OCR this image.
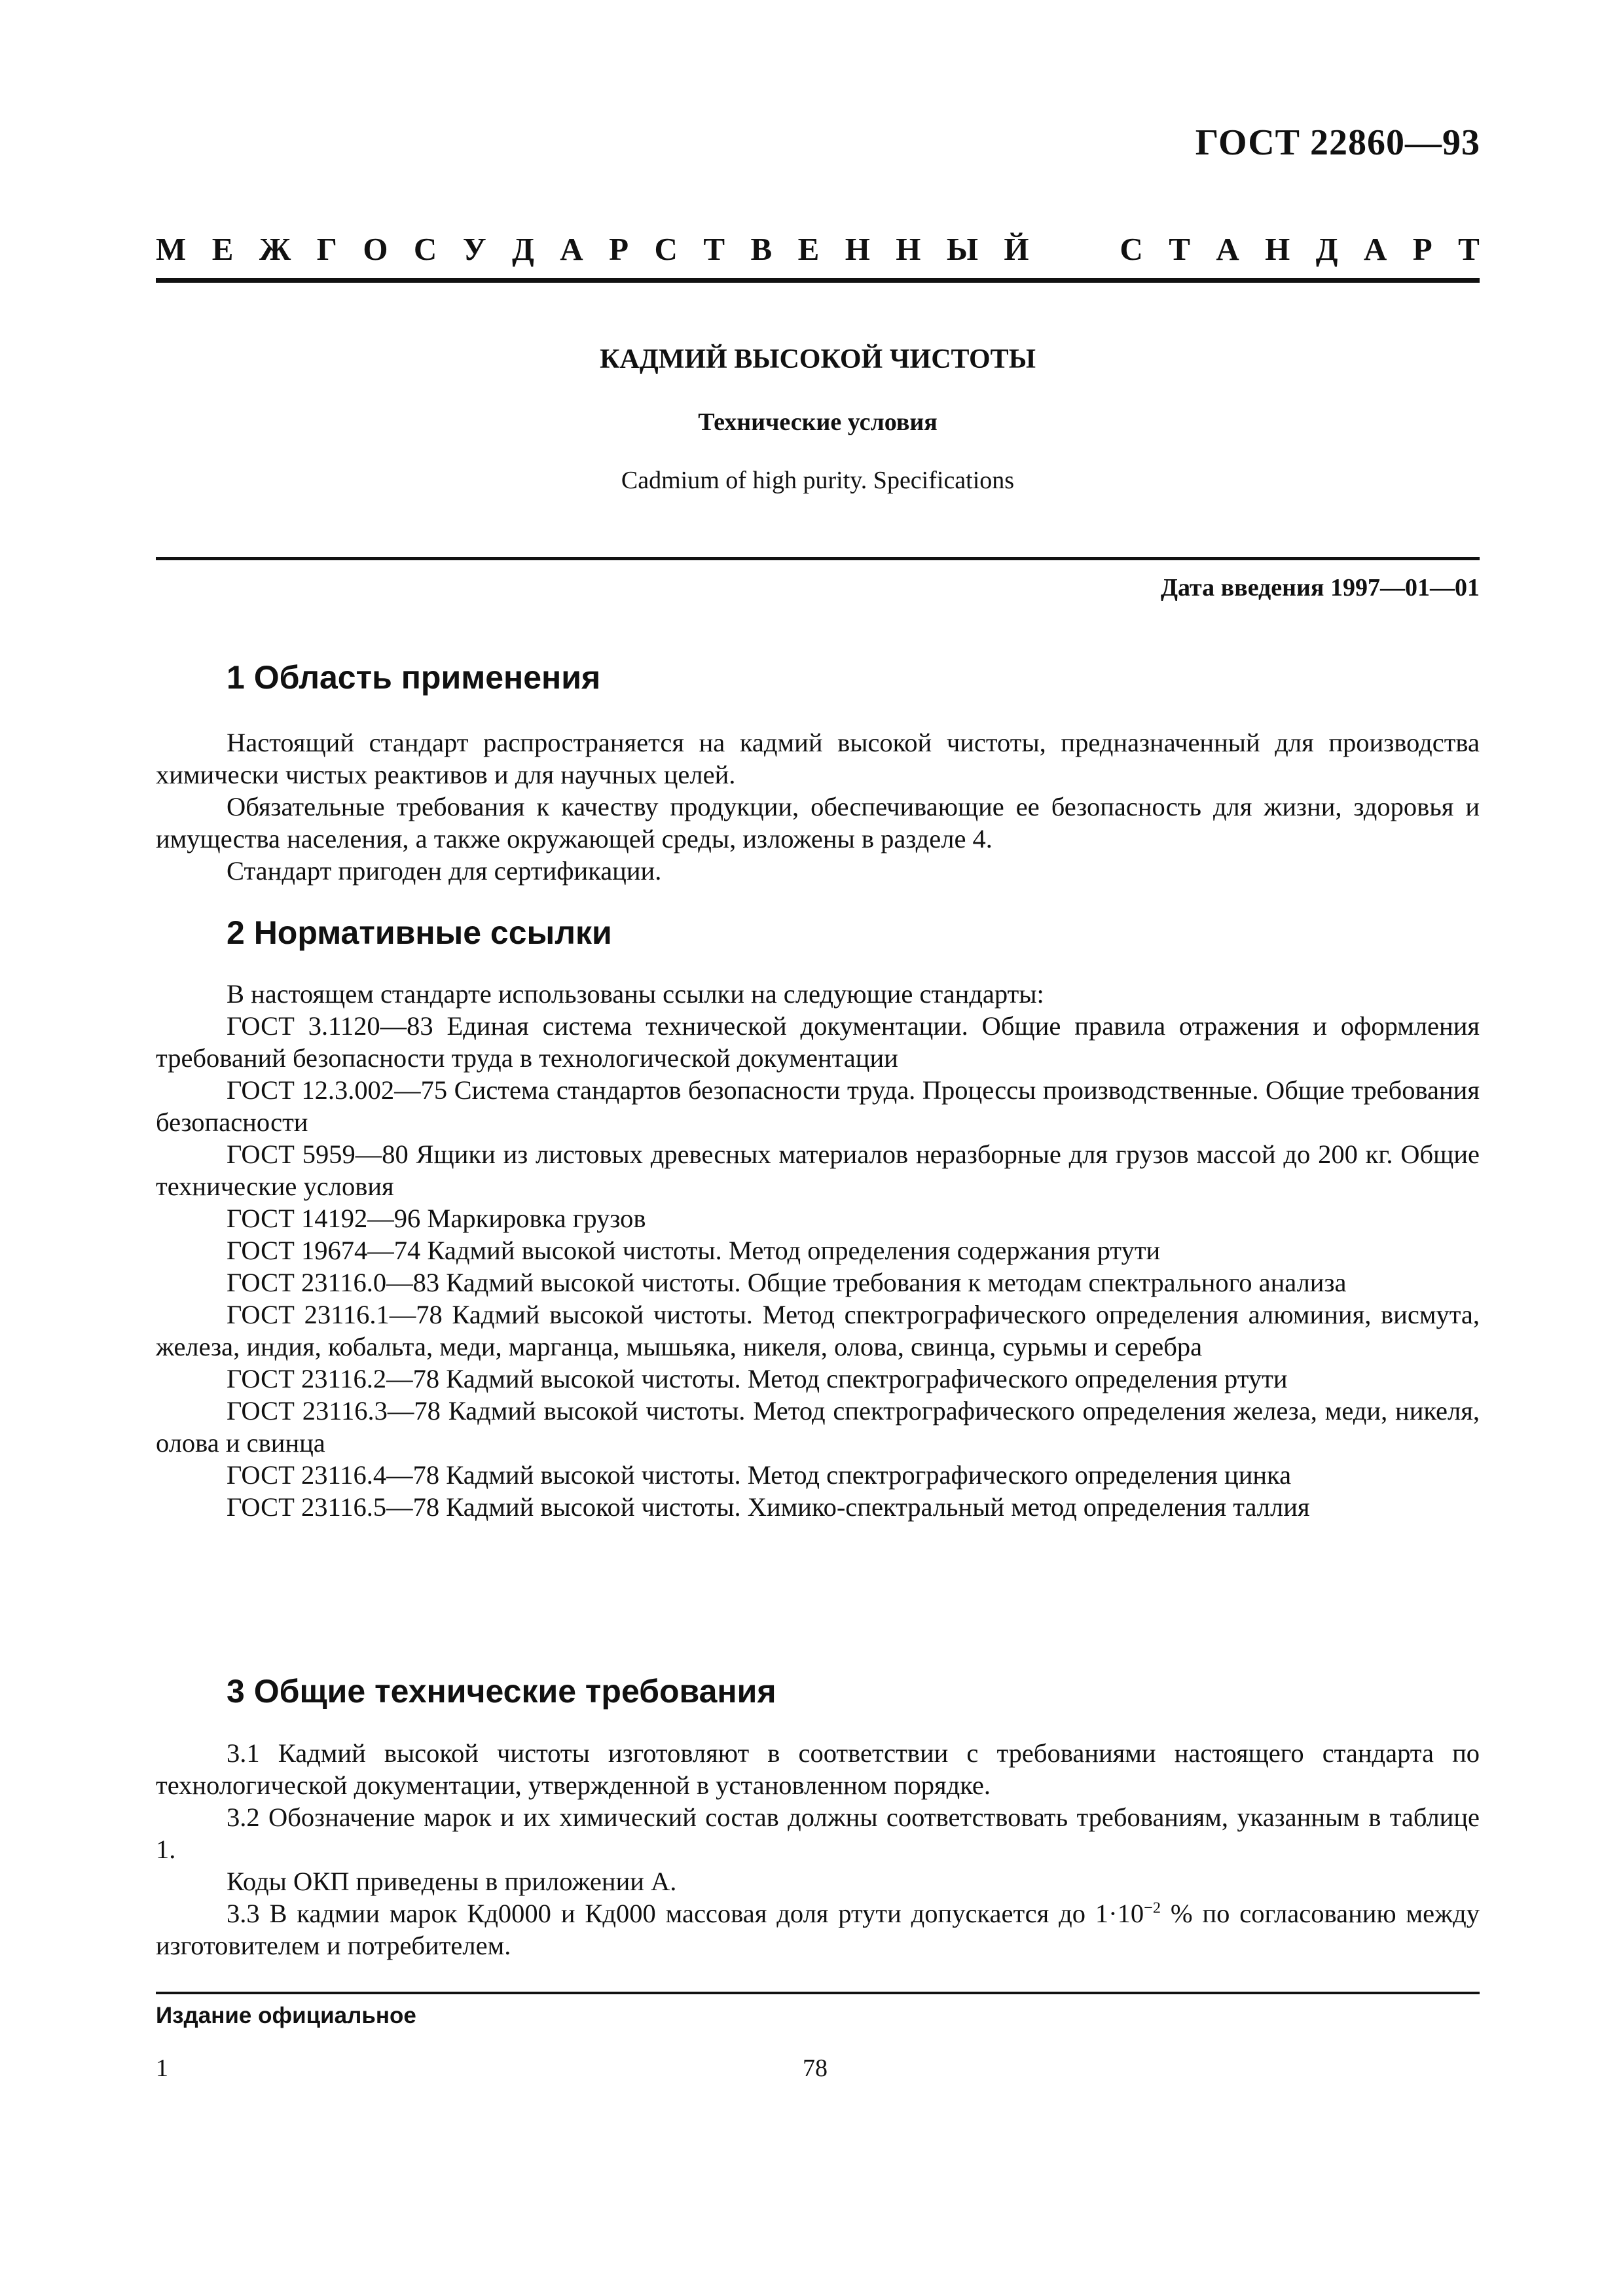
ГОСТ 22860—93
М Е Ж Г О С У Д А Р С Т В Е Н Н Ы Й	С Т А Н Д А Р Т
КАДМИЙ ВЫСОКОЙ ЧИСТОТЫ
Технические условия
Cadmium of high purity. Specifications
Дата введения 1997—01—01
1 Область применения

Настоящий стандарт распространяется на кадмий высокой чистоты, предназначенный для производства химически чистых реактивов и для научных целей.

Обязательные требования к качеству продукции, обеспечивающие ее безопасность для жизни, здоровья и имущества населения, а также окружающей среды, изложены в разделе 4.

Стандарт пригоден для сертификации.

2 Нормативные ссылки

В настоящем стандарте использованы ссылки на следующие стандарты:

ГОСТ 3.1120—83 Единая система технической документации. Общие правила отражения и оформления требований безопасности труда в технологической документации

ГОСТ 12.3.002—75 Система стандартов безопасности труда. Процессы производственные. Общие требования безопасности

ГОСТ 5959—80 Ящики из листовых древесных материалов неразборные для грузов массой до 200 кг. Общие технические условия

ГОСТ 14192—96 Маркировка грузов

ГОСТ 19674—74 Кадмий высокой чистоты. Метод определения содержания ртути

ГОСТ 23116.0—83 Кадмий высокой чистоты. Общие требования к методам спектрального анализа

ГОСТ 23116.1—78 Кадмий высокой чистоты. Метод спектрографического определения алюминия, висмута, железа, индия, кобальта, меди, марганца, мышьяка, никеля, олова, свинца, сурьмы и серебра

ГОСТ 23116.2—78 Кадмий высокой чистоты. Метод спектрографического определения ртути

ГОСТ 23116.3—78 Кадмий высокой чистоты. Метод спектрографического определения железа, меди, никеля, олова и свинца

ГОСТ 23116.4—78 Кадмий высокой чистоты. Метод спектрографического определения цинка

ГОСТ 23116.5—78 Кадмий высокой чистоты. Химико-спектральный метод определения таллия

3 Общие технические требования

3.1 Кадмий высокой чистоты изготовляют в соответствии с требованиями настоящего стандарта по технологической документации, утвержденной в установленном порядке.

3.2 Обозначение марок и их химический состав должны соответствовать требованиям, указанным в таблице 1.

Коды ОКП приведены в приложении А.

3.3 В кадмии марок Кд0000 и Кд000 массовая доля ртути допускается до $1\cdot 10^{-2}$ % по согласованию между изготовителем и потребителем.

Издание официальное
1	78
